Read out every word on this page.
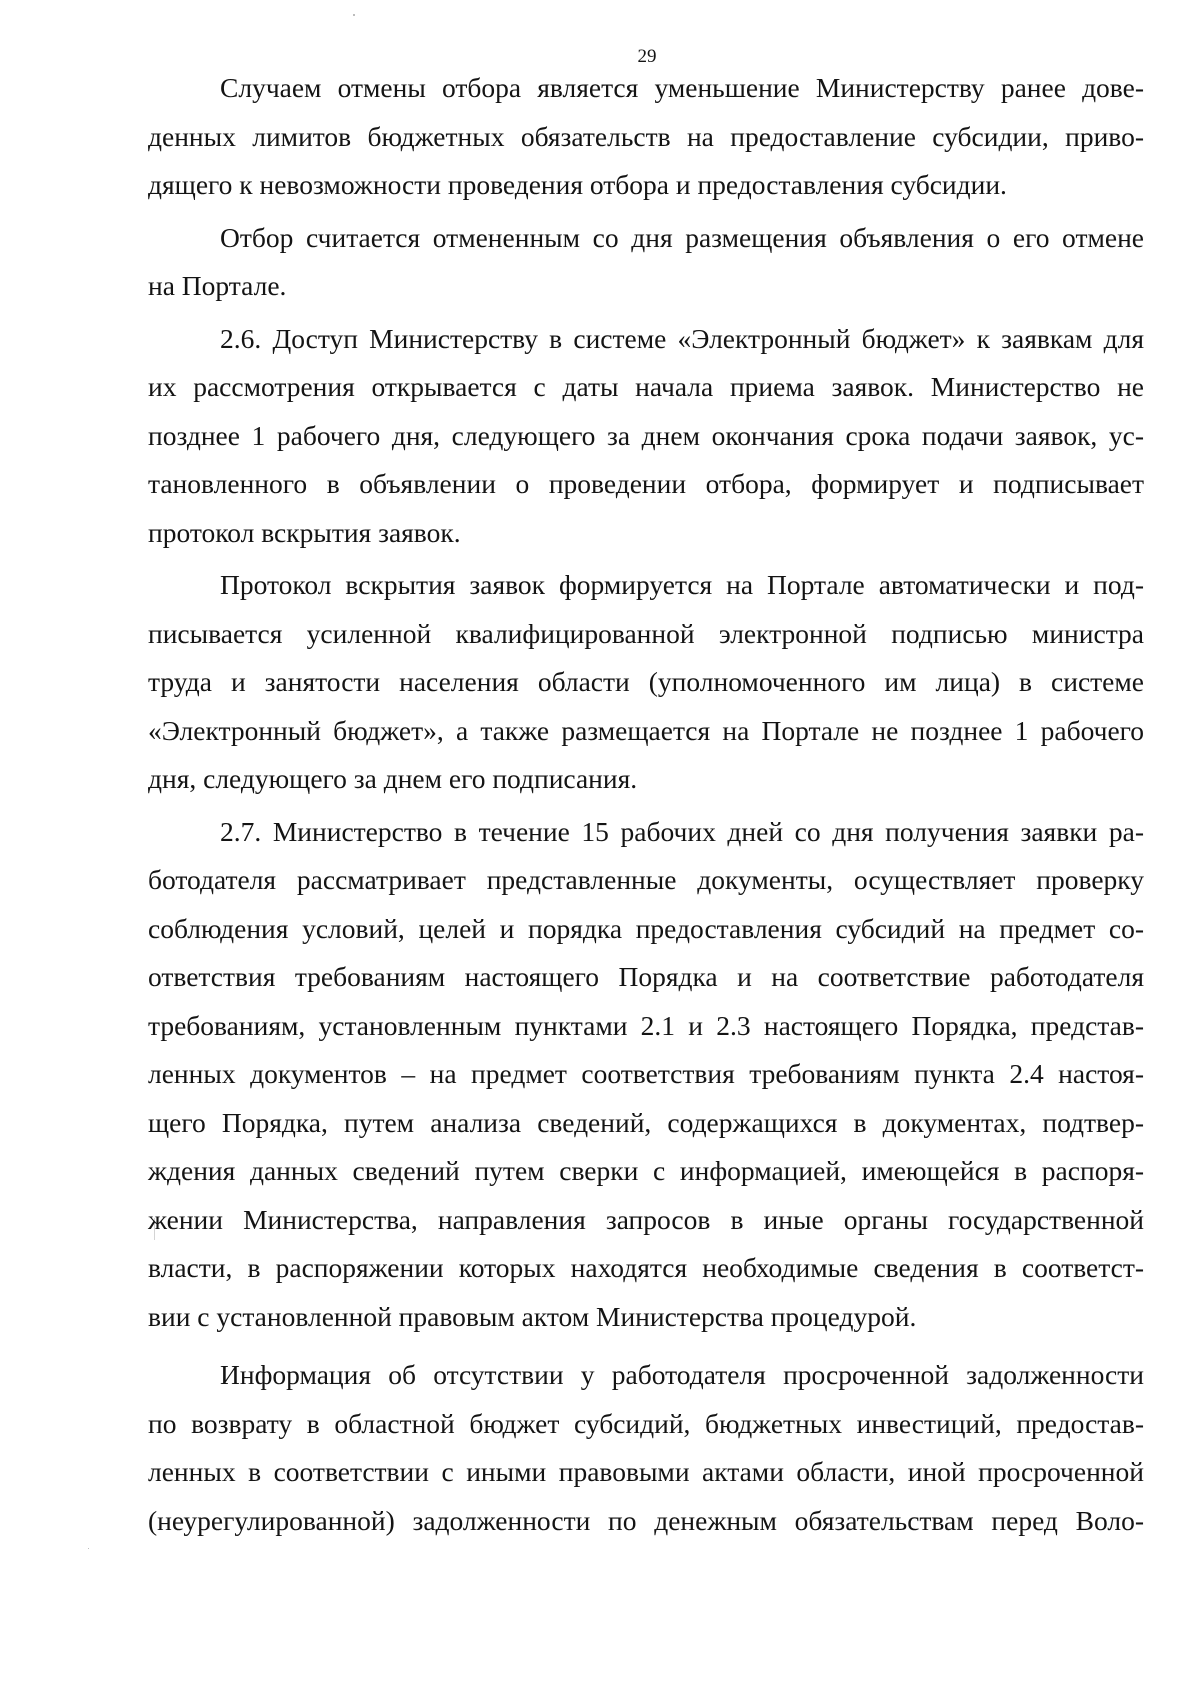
29
Случаем отмены отбора является уменьшение Министерству ранее дове-
денных лимитов бюджетных обязательств на предоставление субсидии, приво-
дящего к невозможности проведения отбора и предоставления субсидии.
Отбор считается отмененным со дня размещения объявления о его отмене
на Портале.
2.6. Доступ Министерству в системе «Электронный бюджет» к заявкам для
их рассмотрения открывается с даты начала приема заявок. Министерство не
позднее 1 рабочего дня, следующего за днем окончания срока подачи заявок, ус-
тановленного в объявлении о проведении отбора, формирует и подписывает
протокол вскрытия заявок.
Протокол вскрытия заявок формируется на Портале автоматически и под-
писывается усиленной квалифицированной электронной подписью министра
труда и занятости населения области (уполномоченного им лица) в системе
«Электронный бюджет», а также размещается на Портале не позднее 1 рабочего
дня, следующего за днем его подписания.
2.7. Министерство в течение 15 рабочих дней со дня получения заявки ра-
ботодателя рассматривает представленные документы, осуществляет проверку
соблюдения условий, целей и порядка предоставления субсидий на предмет со-
ответствия требованиям настоящего Порядка и на соответствие работодателя
требованиям, установленным пунктами 2.1 и 2.3 настоящего Порядка, представ-
ленных документов – на предмет соответствия требованиям пункта 2.4 настоя-
щего Порядка, путем анализа сведений, содержащихся в документах, подтвер-
ждения данных сведений путем сверки с информацией, имеющейся в распоря-
жении Министерства, направления запросов в иные органы государственной
власти, в распоряжении которых находятся необходимые сведения в соответст-
вии с установленной правовым актом Министерства процедурой.
Информация об отсутствии у работодателя просроченной задолженности
по возврату в областной бюджет субсидий, бюджетных инвестиций, предостав-
ленных в соответствии с иными правовыми актами области, иной просроченной
(неурегулированной) задолженности по денежным обязательствам перед Воло-
